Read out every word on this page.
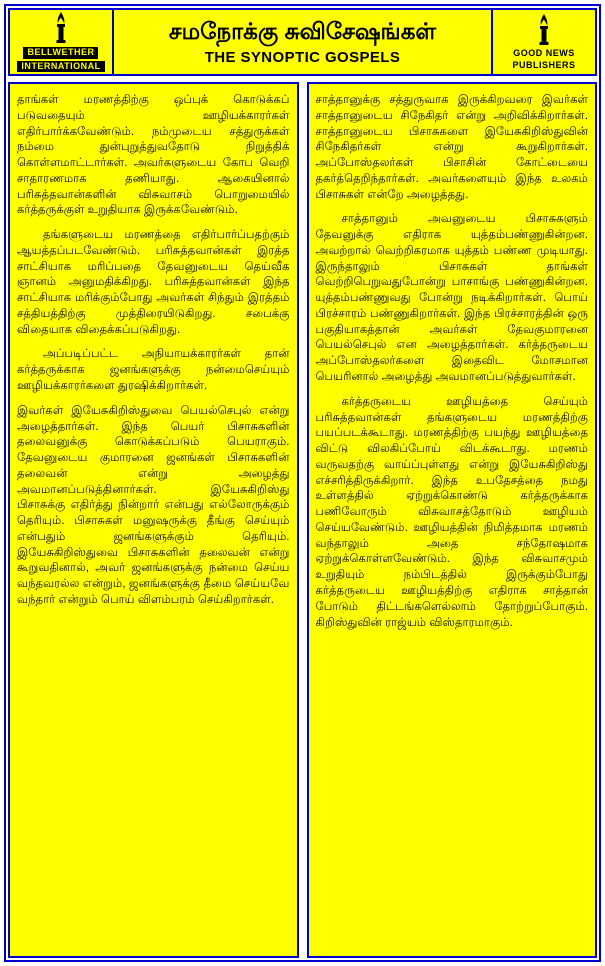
BELLWETHER
INTERNATIONAL
சமநோக்கு சுவிசேஷங்கள்
THE SYNOPTIC GOSPELS	GOOD NEWS
PUBLISHERS

தாங்கள் மரணத்திற்கு ஒப்புக் கொடுக்கப் படுவதையும் ஊழியக்காரர்கள் எதிர்பார்க்கவேண்டும். நம்முடைய சத்துருக்கள் நம்மை துன்புறுத்துவதோடு நிறுத்திக் கொள்ளமாட்டார்கள். அவர்களுடைய கோப வெறி சாதாரணமாக தணியாது. ஆகையினால் பரிசுத்தவான்களின் விசுவாசம் பொறுமையில் கர்த்தருக்குள் உறுதியாக இருக்கவேண்டும்.

தங்களுடைய மரணத்தை எதிர்பார்ப்பதற்கும் ஆயத்தப்படவேண்டும். பரிசுத்தவான்கள் இரத்த சாட்சியாக மரிப்பதை தேவனுடைய தெய்வீக ஞானம் அனுமதிக்கிறது. பரிசுத்தவான்கள் இந்த சாட்சியாக மரிக்கும்போது அவர்கள் சிந்தும் இரத்தம் சத்தியத்திற்கு முத்திரையிடுகிறது. சபைக்கு விதையாக விதைக்கப்படுகிறது.

அப்படிப்பட்ட அநியாயக்காரர்கள் தான் கர்த்தருக்காக ஜனங்களுக்கு நன்மைசெய்யும் ஊழியக்காரர்களை துரஷிக்கிறார்கள்.

இவர்கள் இயேசுகிறிஸ்துவை பெயல்செபுல் என்று அழைத்தார்கள். இந்த பெயர் பிசாசுகளின் தலைவனுக்கு கொடுக்கப்படும் பெயராகும். தேவனுடைய குமாரனை ஜனங்கள் பிசாசுகளின் தலைவன் என்று அழைத்து அவமானப்படுத்தினார்கள். இயேசுகிறிஸ்து பிசாசுக்கு எதிர்த்து நின்றார் என்பது எல்லோருக்கும் தெரியும். பிசாசுகள் மனுஷருக்கு தீங்கு செய்யும் என்பதும் ஜனங்களுக்கும் தெரியும். இயேசுகிறிஸ்துவை பிசாசுகளின் தலைவன் என்று கூறுவதினால், அவர் ஜனங்களுக்கு நன்மை செய்ய வந்தவரல்ல என்றும், ஜனங்களுக்கு தீமை செய்யவே வந்தார் என்றும் பொய் விளம்பரம் செய்கிறார்கள்.

சாத்தானுக்கு சத்துருவாக இருக்கிறவரை இவர்கள் சாத்தானுடைய சிநேகிதர் என்று அறிவிக்கிறார்கள். சாத்தானுடைய பிசாசுகளை இயேசுகிறிஸ்துவின் சிநேகிதர்கள் என்று கூறுகிறார்கள். அப்போஸ்தலர்கள் பிசாசின் கோட்டையை தகர்த்தெறிந்தார்கள். அவர்களையும் இந்த உலகம் பிசாசுகள் என்றே அழைத்தது.

சாத்தானும் அவனுடைய பிசாசுகளும் தேவனுக்கு எதிராக யுத்தம்பண்ணுகின்றன. அவற்றால் வெற்றிகரமாக யுத்தம் பண்ண முடியாது. இருந்தாலும் பிசாசுகள் தாங்கள் வெற்றிபெறுவதுபோன்று பாசாங்கு பண்ணுகின்றன. யுத்தம்பண்ணுவது போன்று நடிக்கிறார்கள். பொய் பிரச்சாரம் பண்ணுகிறார்கள். இந்த பிரச்சாரத்தின் ஒரு பகுதியாகத்தான் அவர்கள் தேவகுமாரனை பெயல்செபுல் என அழைத்தார்கள். கர்த்தருடைய அப்போஸ்தலர்களை இதைவிட மோசமான பெயரினால் அழைத்து அவமானப்படுத்துவார்கள்.

கர்த்தருடைய ஊழியத்தை செய்யும் பரிசுத்தவான்கள் தங்களுடைய மரணத்திற்கு பயப்படக்கூடாது. மரணத்திற்கு பயந்து ஊழியத்தை விட்டு விலகிப்போய் விடக்கூடாது. மரணம் வருவதற்கு வாய்ப்புள்ளது என்று இயேசுகிறிஸ்து எச்சரித்திருக்கிறார். இந்த உபதேசத்தை நமது உள்ளத்தில் ஏற்றுக்கொண்டு கர்த்தருக்காக பணிவோரும் விசுவாசத்தோடும் ஊழியம் செய்யவேண்டும். ஊழியத்தின் நிமித்தமாக மரணம் வந்தாலும் அதை சந்தோஷமாக ஏற்றுக்கொள்ளவேண்டும். இந்த விசுவாசமும் உறுதியும் நம்பிடத்தில் இருக்கும்போது கர்த்தருடைய ஊழியத்திற்கு எதிராக சாத்தான் போடும் திட்டங்களெல்லாம் தோற்றுப்போகும். கிறிஸ்துவின் ராஜ்யம் விஸ்தாரமாகும்.
